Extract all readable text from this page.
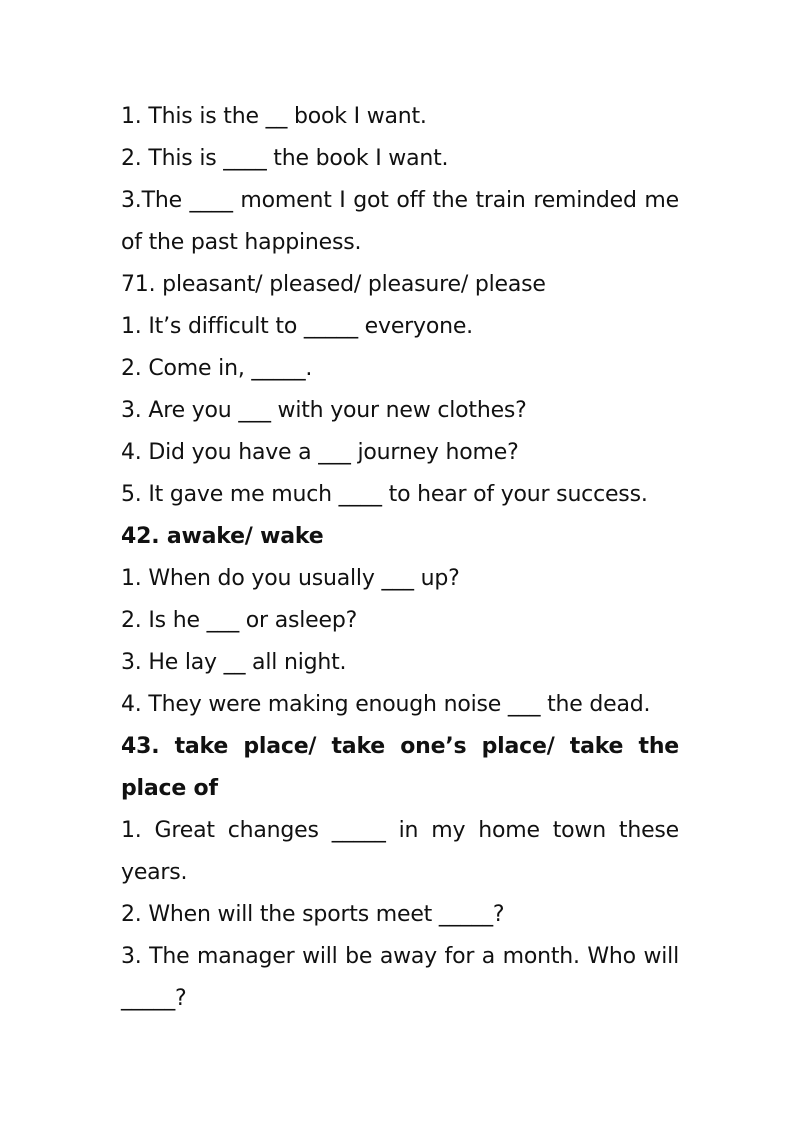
1. This is the __ book I want.
2. This is ____ the book I want.
3.The ____ moment I got off the train reminded me
of the past happiness.
71. pleasant/ pleased/ pleasure/ please
1. It’s difficult to _____ everyone.
2. Come in, _____.
3. Are you ___ with your new clothes?
4. Did you have a ___ journey home?
5. It gave me much ____ to hear of your success.
42. awake/ wake
1. When do you usually ___ up?
2. Is he ___ or asleep?
3. He lay __ all night.
4. They were making enough noise ___ the dead.
43. take place/ take one’s place/ take the
place of
1. Great changes _____ in my home town these
years.
2. When will the sports meet _____?
3. The manager will be away for a month. Who will
_____?
